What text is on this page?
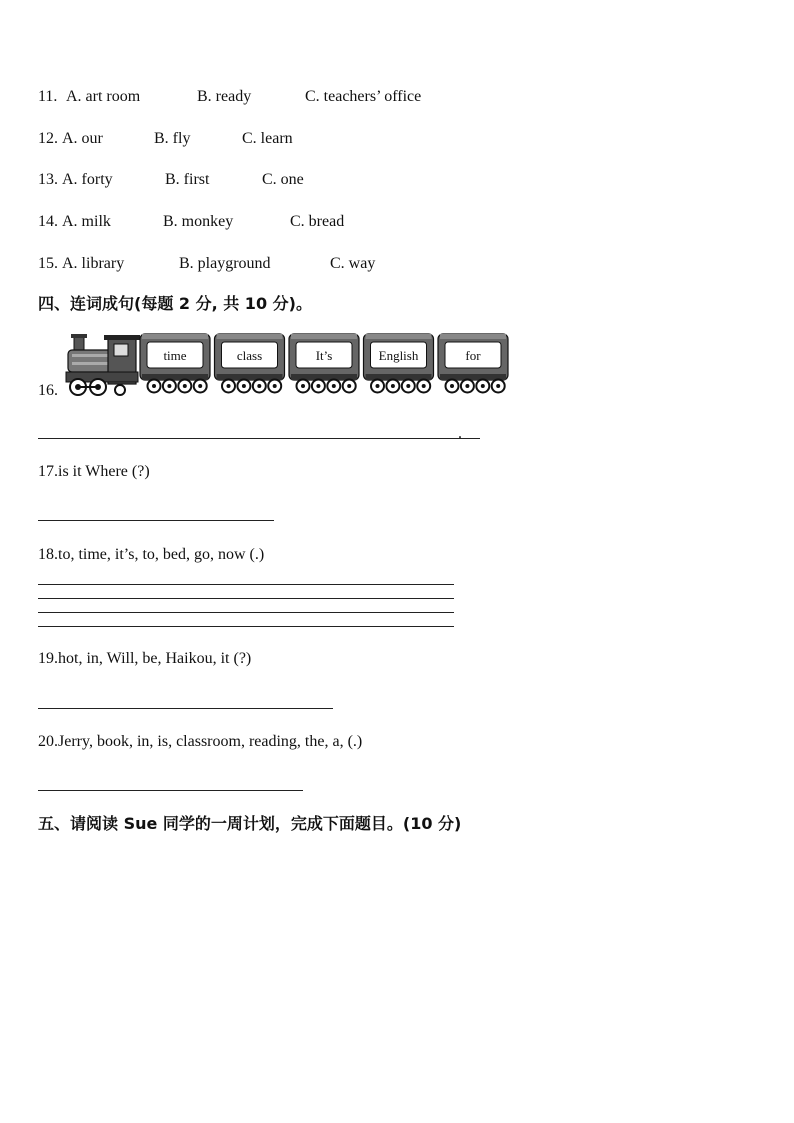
11. A. art room	B. ready	C. teachers’ office
12. A. our	B. fly	C. learn
13. A. forty	B. first	C. one
14. A. milk	B. monkey	C. bread
15. A. library	B. playground	C. way
四、连词成句(每题 2 分, 共 10 分)。
16.
time	class	It’s	English	for
.
17.is it Where (?)
18.to, time, it’s, to, bed, go, now (.)
19.hot, in, Will, be, Haikou, it (?)
20.Jerry, book, in, is, classroom, reading, the, a, (.)
五、请阅读 Sue 同学的一周计划，完成下面题目。(10 分)
